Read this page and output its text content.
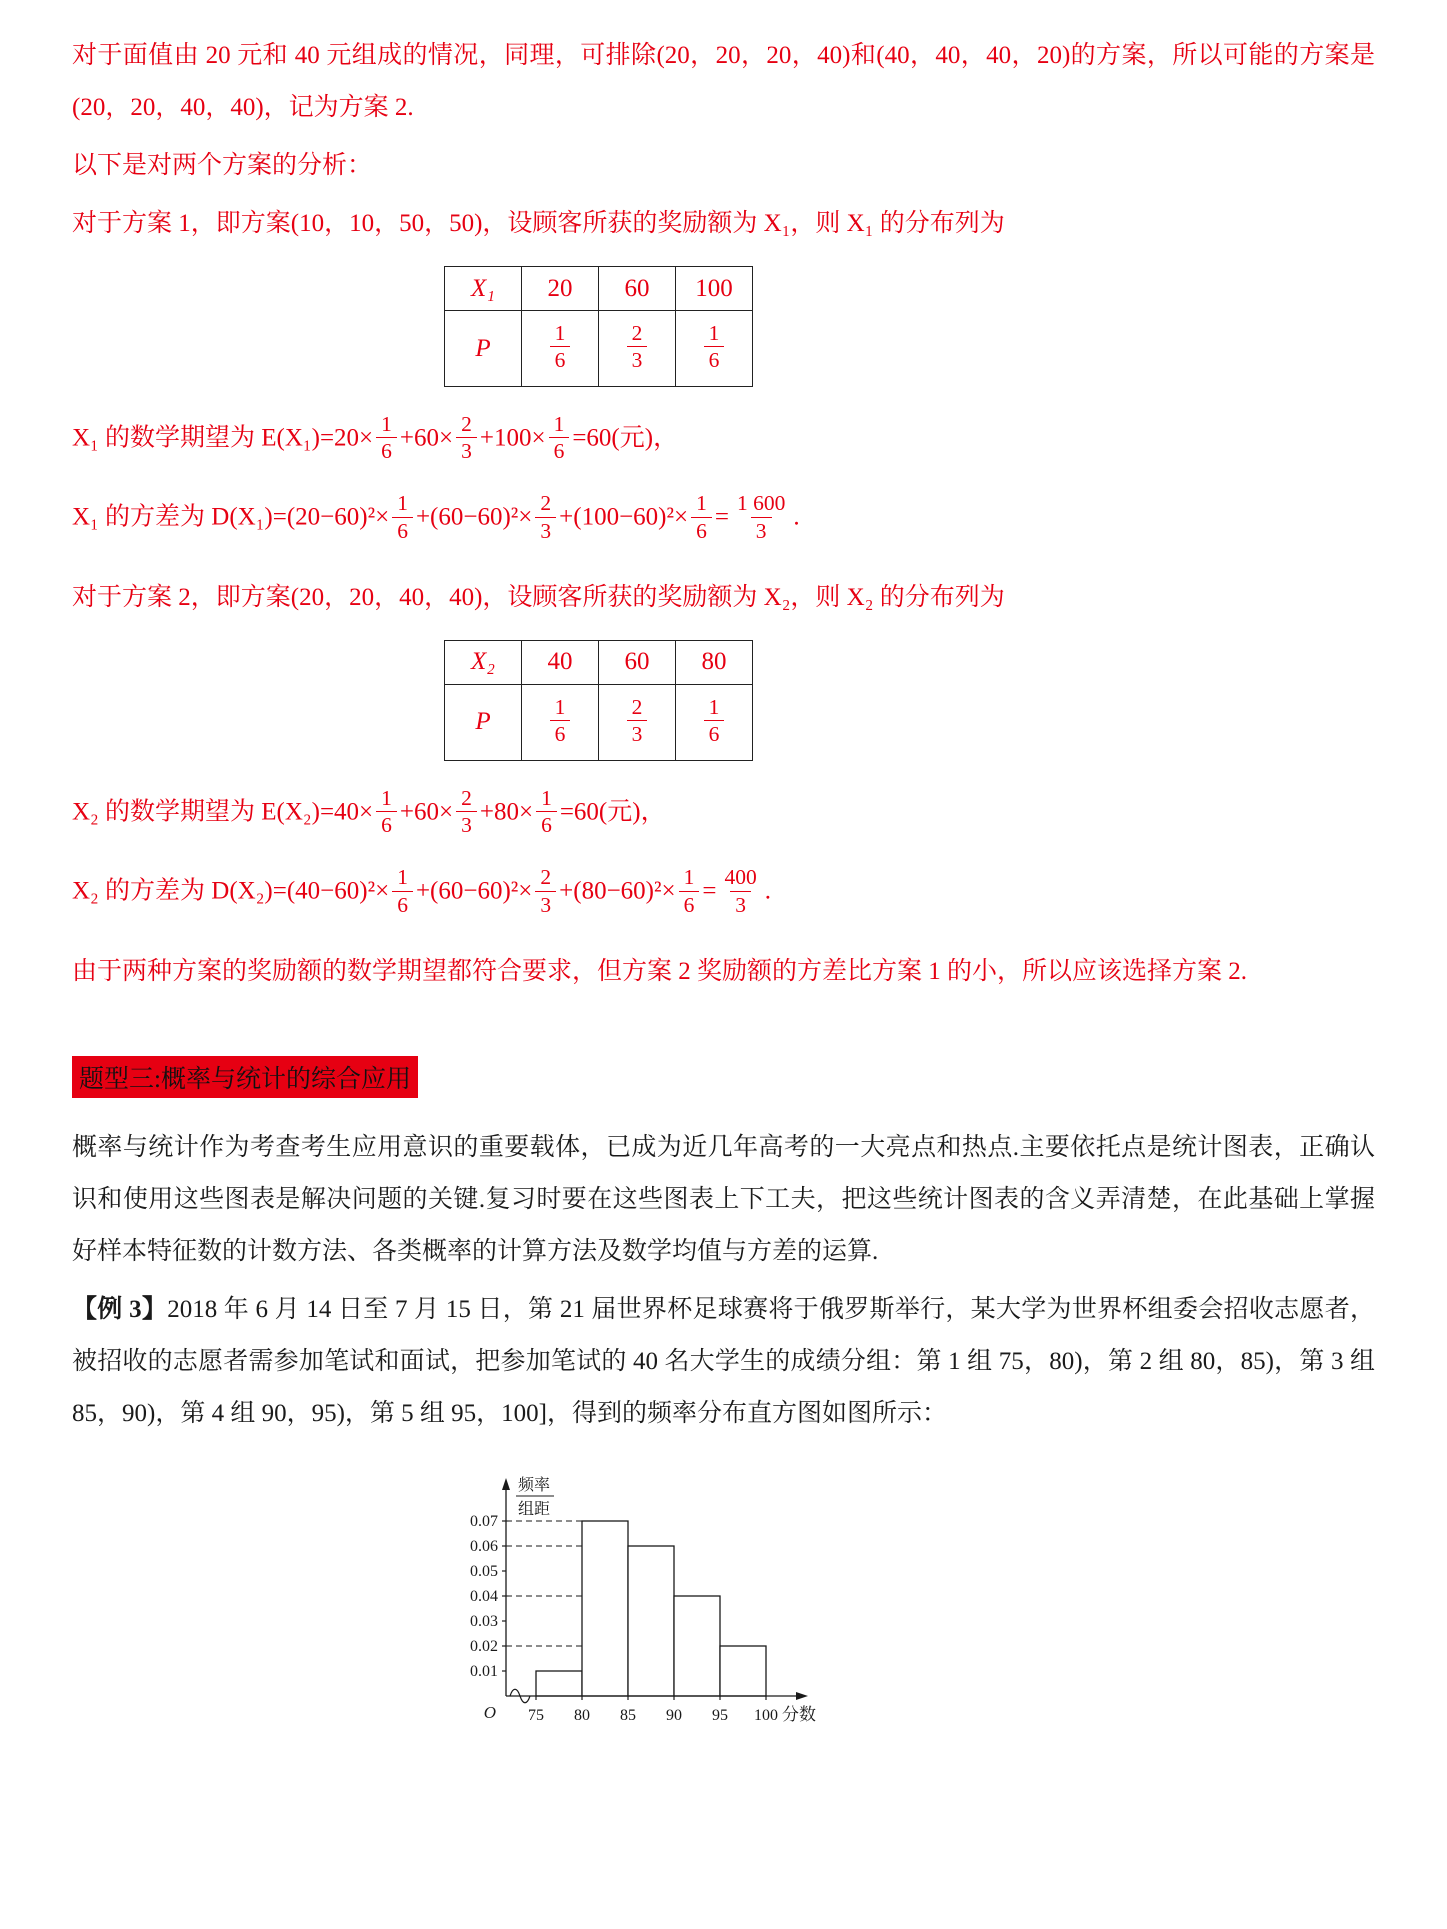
对于面值由 20 元和 40 元组成的情况，同理，可排除(20，20，20，40)和(40，40，40，20)的方案，所以可能的方案是(20，20，40，40)，记为方案 2.

以下是对两个方案的分析：

对于方案 1，即方案(10，10，50，50)，设顾客所获的奖励额为 X₁，则 X₁ 的分布列为

X₁	20	60	100
P	$\frac{1}{6}$	$\frac{2}{3}$	$\frac{1}{6}$

X₁ 的数学期望为 $E(X_1)=20\times \frac{1}{6} +60\times \frac{2}{3} +100\times \frac{1}{6} =60$(元)，

X₁ 的方差为 $D(X_1)=(20-60)^2\times \frac{1}{6} +(60-60)^2\times \frac{2}{3} +(100-60)^2\times \frac{1}{6} = \frac{1 600}{3}$ .

对于方案 2，即方案(20，20，40，40)，设顾客所获的奖励额为 X₂，则 X₂ 的分布列为

X₂	40	60	80
P	$\frac{1}{6}$	$\frac{2}{3}$	$\frac{1}{6}$

X₂ 的数学期望为 $E(X_2)=40\times \frac{1}{6} +60\times \frac{2}{3} +80\times \frac{1}{6} =60$(元)，

X₂ 的方差为 $D(X_2)=(40-60)^2\times \frac{1}{6} +(60-60)^2\times \frac{2}{3} +(80-60)^2\times \frac{1}{6} = \frac{400}{3}$ .

由于两种方案的奖励额的数学期望都符合要求，但方案 2 奖励额的方差比方案 1 的小，所以应该选择方案 2.

题型三:概率与统计的综合应用

概率与统计作为考查考生应用意识的重要载体，已成为近几年高考的一大亮点和热点.主要依托点是统计图表，正确认识和使用这些图表是解决问题的关键.复习时要在这些图表上下工夫，把这些统计图表的含义弄清楚，在此基础上掌握好样本特征数的计数方法、各类概率的计算方法及数学均值与方差的运算.

【例 3】2018 年 6 月 14 日至 7 月 15 日，第 21 届世界杯足球赛将于俄罗斯举行，某大学为世界杯组委会招收志愿者，被招收的志愿者需参加笔试和面试，把参加笔试的 40 名大学生的成绩分组：第 1 组 75，80)，第 2 组 80，85)，第 3 组 85，90)，第 4 组 90，95)，第 5 组 95，100]，得到的频率分布直方图如图所示：

0.01
0.02
0.03
0.04
0.05
0.06
0.07
75 80 85 90 95 100
O	分数
频率
组距
